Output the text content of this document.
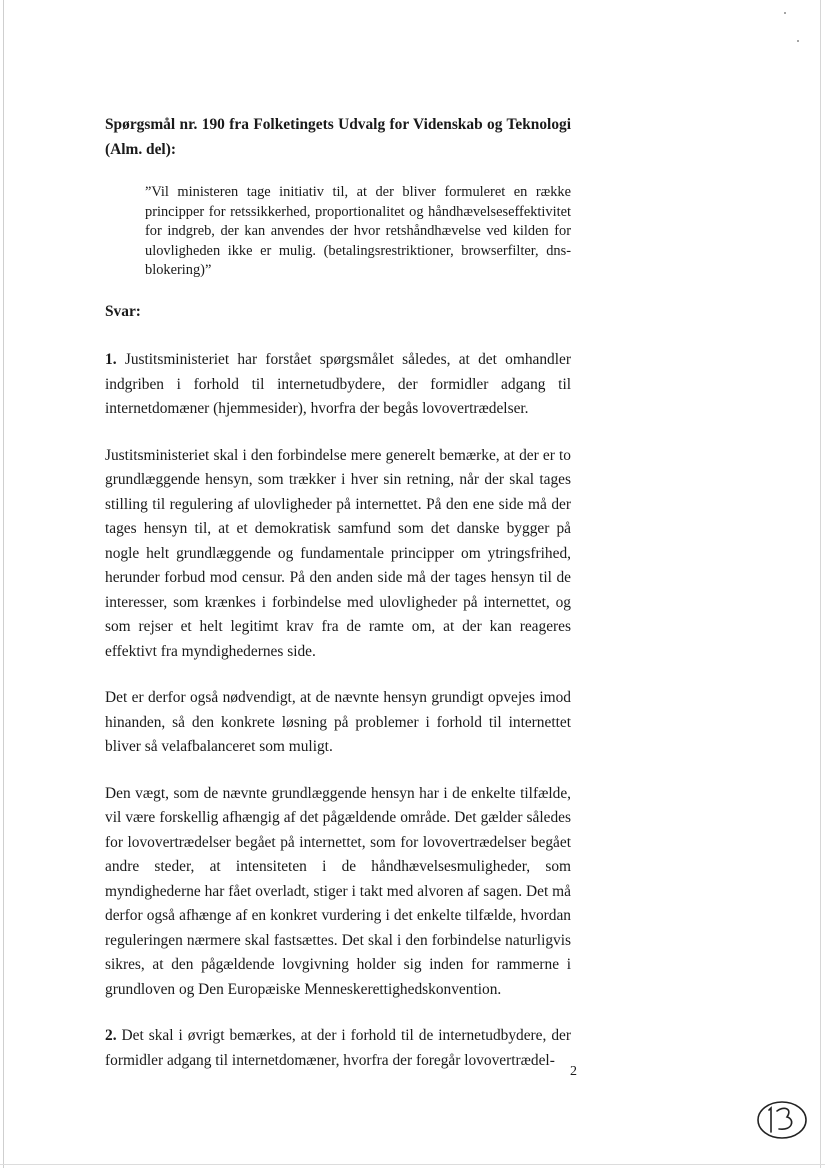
Spørgsmål nr. 190 fra Folketingets Udvalg for Videnskab og Teknologi (Alm. del):

”Vil ministeren tage initiativ til, at der bliver formuleret en række principper for retssikkerhed, proportionalitet og håndhævelseseffektivitet for indgreb, der kan anvendes der hvor retshåndhævelse ved kilden for ulovligheden ikke er mulig. (betalingsrestriktioner, browserfilter, dns-blokering)”

Svar:

1. Justitsministeriet har forstået spørgsmålet således, at det omhandler indgriben i forhold til internetudbydere, der formidler adgang til internetdomæner (hjemmesider), hvorfra der begås lovovertrædelser.

Justitsministeriet skal i den forbindelse mere generelt bemærke, at der er to grundlæggende hensyn, som trækker i hver sin retning, når der skal tages stilling til regulering af ulovligheder på internettet. På den ene side må der tages hensyn til, at et demokratisk samfund som det danske bygger på nogle helt grundlæggende og fundamentale principper om ytringsfrihed, herunder forbud mod censur. På den anden side må der tages hensyn til de interesser, som krænkes i forbindelse med ulovligheder på internettet, og som rejser et helt legitimt krav fra de ramte om, at der kan reageres effektivt fra myndighedernes side.

Det er derfor også nødvendigt, at de nævnte hensyn grundigt opvejes imod hinanden, så den konkrete løsning på problemer i forhold til internettet bliver så velafbalanceret som muligt.

Den vægt, som de nævnte grundlæggende hensyn har i de enkelte tilfælde, vil være forskellig afhængig af det pågældende område. Det gælder således for lovovertrædelser begået på internettet, som for lovovertrædelser begået andre steder, at intensiteten i de håndhævelsesmuligheder, som myndighederne har fået overladt, stiger i takt med alvoren af sagen. Det må derfor også afhænge af en konkret vurdering i det enkelte tilfælde, hvordan reguleringen nærmere skal fastsættes. Det skal i den forbindelse naturligvis sikres, at den pågældende lovgivning holder sig inden for rammerne i grundloven og Den Europæiske Menneskerettighedskonvention.

2. Det skal i øvrigt bemærkes, at der i forhold til de internetudbydere, der formidler adgang til internetdomæner, hvorfra der foregår lovovertrædel-

2
